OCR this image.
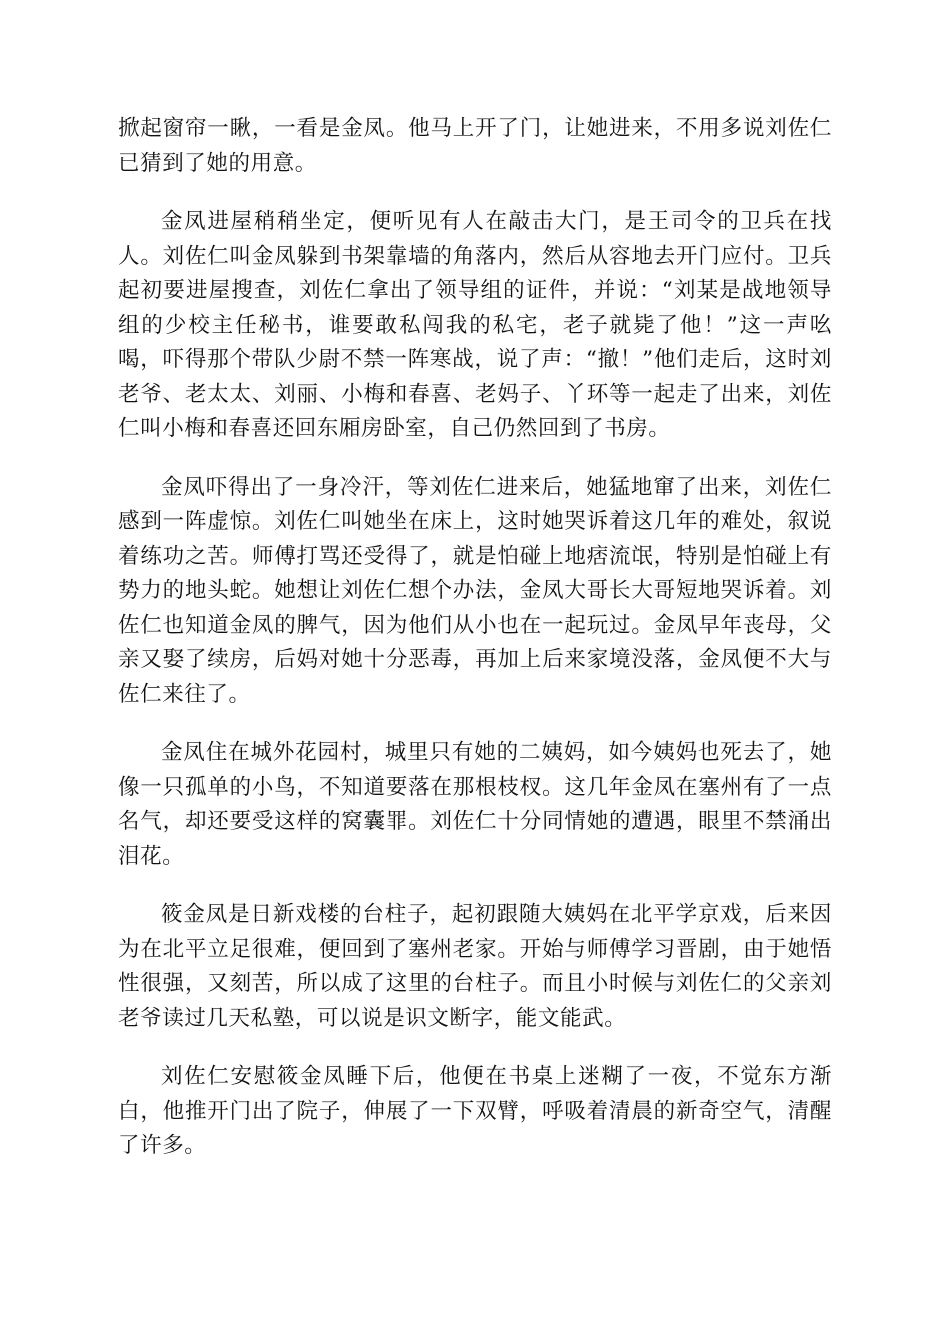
掀起窗帘一瞅，一看是金凤。他马上开了门，让她进来，不用多说刘佐仁已猜到了她的用意。

金凤进屋稍稍坐定，便听见有人在敲击大门，是王司令的卫兵在找人。刘佐仁叫金凤躲到书架靠墙的角落内，然后从容地去开门应付。卫兵起初要进屋搜查，刘佐仁拿出了领导组的证件，并说：“刘某是战地领导组的少校主任秘书，谁要敢私闯我的私宅，老子就毙了他！”这一声吆喝，吓得那个带队少尉不禁一阵寒战，说了声：“撤！”他们走后，这时刘老爷、老太太、刘丽、小梅和春喜、老妈子、丫环等一起走了出来，刘佐仁叫小梅和春喜还回东厢房卧室，自己仍然回到了书房。

金凤吓得出了一身冷汗，等刘佐仁进来后，她猛地窜了出来，刘佐仁感到一阵虚惊。刘佐仁叫她坐在床上，这时她哭诉着这几年的难处，叙说着练功之苦。师傅打骂还受得了，就是怕碰上地痞流氓，特别是怕碰上有势力的地头蛇。她想让刘佐仁想个办法，金凤大哥长大哥短地哭诉着。刘佐仁也知道金凤的脾气，因为他们从小也在一起玩过。金凤早年丧母，父亲又娶了续房，后妈对她十分恶毒，再加上后来家境没落，金凤便不大与佐仁来往了。

金凤住在城外花园村，城里只有她的二姨妈，如今姨妈也死去了，她像一只孤单的小鸟，不知道要落在那根枝杈。这几年金凤在塞州有了一点名气，却还要受这样的窝囊罪。刘佐仁十分同情她的遭遇，眼里不禁涌出泪花。

筱金凤是日新戏楼的台柱子，起初跟随大姨妈在北平学京戏，后来因为在北平立足很难，便回到了塞州老家。开始与师傅学习晋剧，由于她悟性很强，又刻苦，所以成了这里的台柱子。而且小时候与刘佐仁的父亲刘老爷读过几天私塾，可以说是识文断字，能文能武。

刘佐仁安慰筱金凤睡下后，他便在书桌上迷糊了一夜，不觉东方渐白，他推开门出了院子，伸展了一下双臂，呼吸着清晨的新奇空气，清醒了许多。
